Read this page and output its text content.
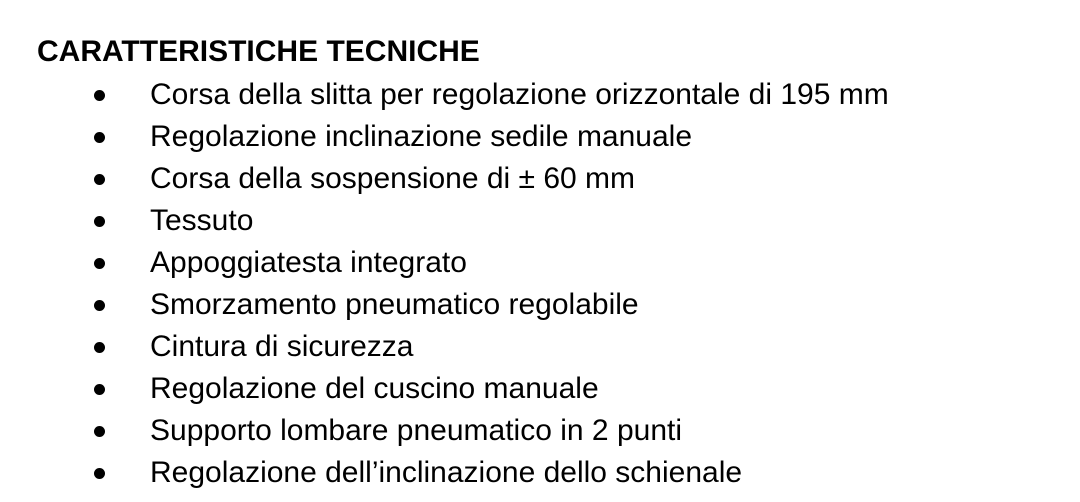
CARATTERISTICHE TECNICHE
Corsa della slitta per regolazione orizzontale di 195 mm
Regolazione inclinazione sedile manuale
Corsa della sospensione di ± 60 mm
Tessuto
Appoggiatesta integrato
Smorzamento pneumatico regolabile
Cintura di sicurezza
Regolazione del cuscino manuale
Supporto lombare pneumatico in 2 punti
Regolazione dell’inclinazione dello schienale
